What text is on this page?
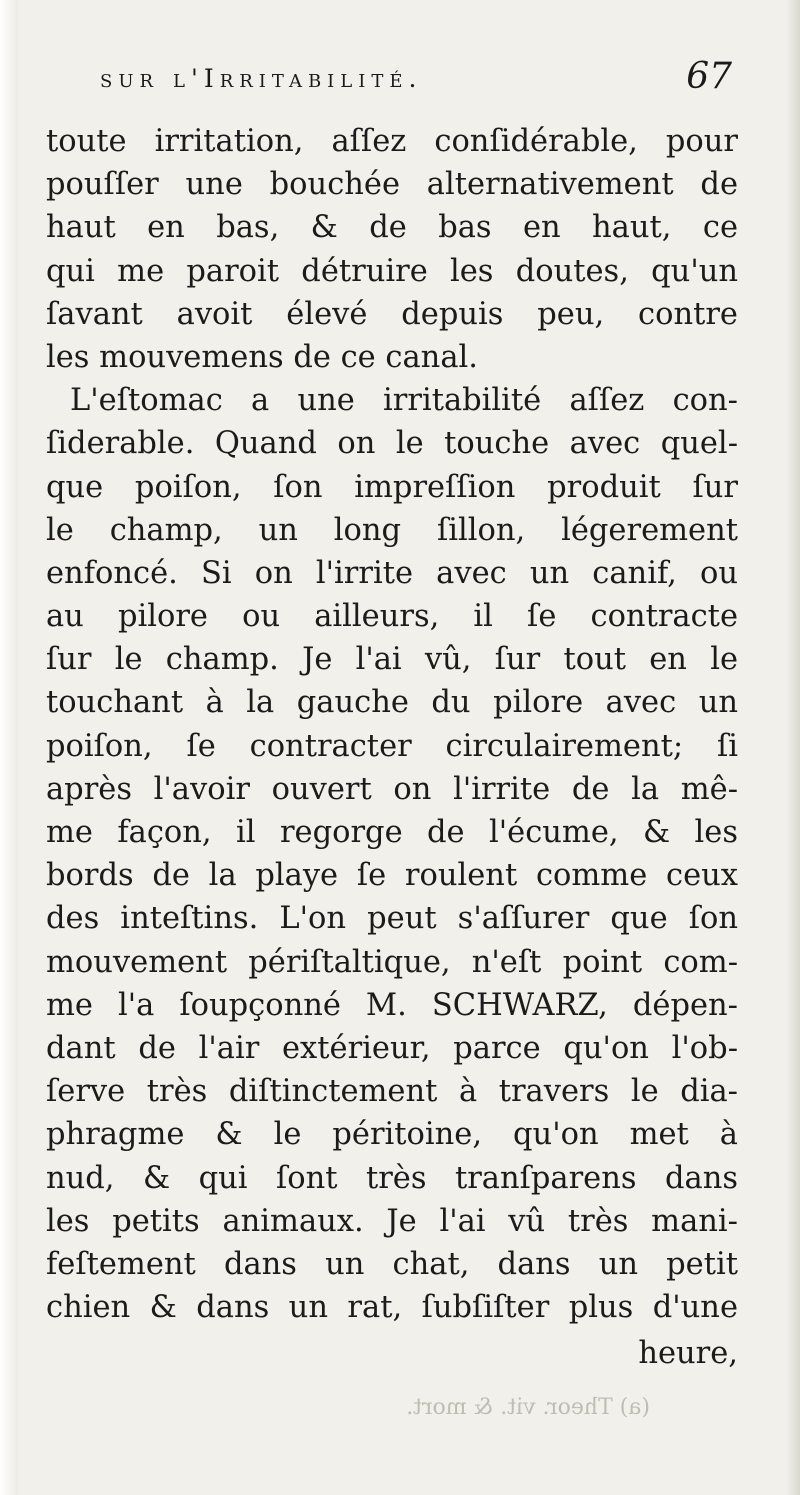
sur l'Irritabilité.	67
toute irritation, aſſez conſidérable, pour
pouſſer une bouchée alternativement de
haut en bas, & de bas en haut, ce
qui me paroit détruire les doutes, qu'un
ſavant avoit élevé depuis peu, contre
les mouvemens de ce canal.
L'eſtomac a une irritabilité aſſez con-
ſiderable. Quand on le touche avec quel-
que poiſon, ſon impreſſion produit ſur
le champ, un long ſillon, légerement
enfoncé. Si on l'irrite avec un canif, ou
au pilore ou ailleurs, il ſe contracte
ſur le champ. Je l'ai vû, ſur tout en le
touchant à la gauche du pilore avec un
poiſon, ſe contracter circulairement; ſi
après l'avoir ouvert on l'irrite de la mê-
me façon, il regorge de l'écume, & les
bords de la playe ſe roulent comme ceux
des inteſtins. L'on peut s'aſſurer que ſon
mouvement périſtaltique, n'eſt point com-
me l'a ſoupçonné M. SCHWARZ, dépen-
dant de l'air extérieur, parce qu'on l'ob-
ſerve très diſtinctement à travers le dia-
phragme & le péritoine, qu'on met à
nud, & qui ſont très tranſparens dans
les petits animaux. Je l'ai vû très mani-
feſtement dans un chat, dans un petit
chien & dans un rat, ſubſiſter plus d'une
heure,
(a) Theor. vit. & mort.
